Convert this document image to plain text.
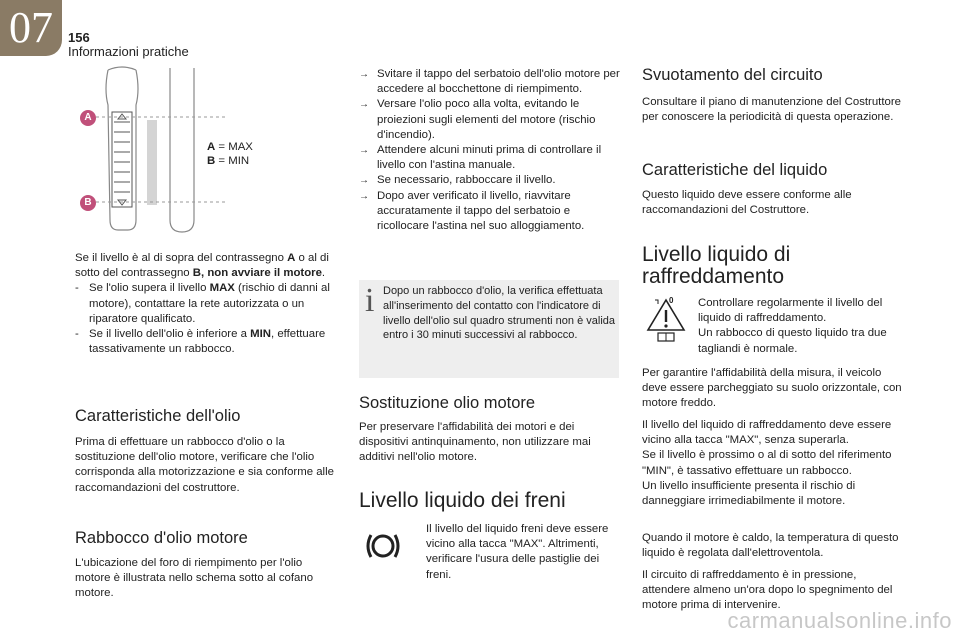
07	156
Informazioni pratiche
A
B
A = MAX
B = MIN

Se il livello è al di sopra del contrassegno A o al di sotto del contrassegno B, non avviare il motore.

- Se l'olio supera il livello MAX (rischio di danni al motore), contattare la rete autorizzata o un riparatore qualificato.
- Se il livello dell'olio è inferiore a MIN, effettuare tassativamente un rabbocco.
Caratteristiche dell'olio

Prima di effettuare un rabbocco d'olio o la sostituzione dell'olio motore, verificare che l'olio corrisponda alla motorizzazione e sia conforme alle raccomandazioni del costruttore.

Rabbocco d'olio motore

L'ubicazione del foro di riempimento per l'olio motore è illustrata nello schema sotto al cofano motore.

→ Svitare il tappo del serbatoio dell'olio motore per accedere al bocchettone di riempimento.
→ Versare l'olio poco alla volta, evitando le proiezioni sugli elementi del motore (rischio d'incendio).
→ Attendere alcuni minuti prima di controllare il livello con l'astina manuale.
→ Se necessario, rabboccare il livello.
→ Dopo aver verificato il livello, riavvitare accuratamente il tappo del serbatoio e ricollocare l'astina nel suo alloggiamento.
i Dopo un rabbocco d'olio, la verifica effettuata all'inserimento del contatto con l'indicatore di livello dell'olio sul quadro strumenti non è valida entro i 30 minuti successivi al rabbocco.

Sostituzione olio motore

Per preservare l'affidabilità dei motori e dei dispositivi antinquinamento, non utilizzare mai additivi nell'olio motore.

Livello liquido dei freni

Il livello del liquido freni deve essere vicino alla tacca "MAX". Altrimenti, verificare l'usura delle pastiglie dei freni.

Svuotamento del circuito

Consultare il piano di manutenzione del Costruttore per conoscere la periodicità di questa operazione.

Caratteristiche del liquido

Questo liquido deve essere conforme alle raccomandazioni del Costruttore.

Livello liquido di
raffreddamento
0 Controllare regolarmente il livello del liquido di raffreddamento.

Un rabbocco di questo liquido tra due tagliandi è normale.

Per garantire l'affidabilità della misura, il veicolo deve essere parcheggiato su suolo orizzontale, con motore freddo.

Il livello del liquido di raffreddamento deve essere vicino alla tacca "MAX", senza superarla.

Se il livello è prossimo o al di sotto del riferimento "MIN", è tassativo effettuare un rabbocco.

Un livello insufficiente presenta il rischio di danneggiare irrimediabilmente il motore.

Quando il motore è caldo, la temperatura di questo liquido è regolata dall'elettroventola.

Il circuito di raffreddamento è in pressione, attendere almeno un'ora dopo lo spegnimento del motore prima di intervenire.

carmanualsonline.info
